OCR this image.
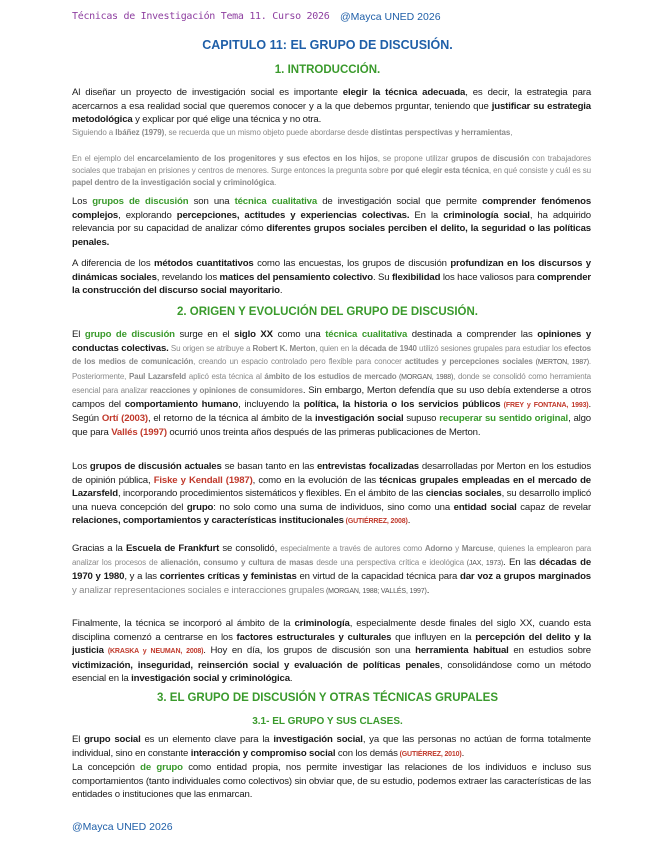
Técnicas de Investigación Tema 11. Curso 2026 @Mayca UNED 2026
CAPITULO 11: EL GRUPO DE DISCUSIÓN.
1. INTRODUCCIÓN.
Al diseñar un proyecto de investigación social es importante elegir la técnica adecuada, es decir, la estrategia para acercarnos a esa realidad social que queremos conocer y a la que debemos prguntar, teniendo que justificar su estrategia metodológica y explicar por qué elige una técnica y no otra.
Siguiendo a Ibáñez (1979), se recuerda que un mismo objeto puede abordarse desde distintas perspectivas y herramientas,
En el ejemplo del encarcelamiento de los progenitores y sus efectos en los hijos, se propone utilizar grupos de discusión con trabajadores sociales que trabajan en prisiones y centros de menores. Surge entonces la pregunta sobre por qué elegir esta técnica, en qué consiste y cuál es su papel dentro de la investigación social y criminológica.
Los grupos de discusión son una técnica cualitativa de investigación social que permite comprender fenómenos complejos, explorando percepciones, actitudes y experiencias colectivas. En la criminología social, ha adquirido relevancia por su capacidad de analizar cómo diferentes grupos sociales perciben el delito, la seguridad o las políticas penales.
A diferencia de los métodos cuantitativos como las encuestas, los grupos de discusión profundizan en los discursos y dinámicas sociales, revelando los matices del pensamiento colectivo. Su flexibilidad los hace valiosos para comprender la construcción del discurso social mayoritario.
2. ORIGEN Y EVOLUCIÓN DEL GRUPO DE DISCUSIÓN.
El grupo de discusión surge en el siglo XX como una técnica cualitativa destinada a comprender las opiniones y conductas colectivas. Su origen se atribuye a Robert K. Merton, quien en la década de 1940 utilizó sesiones grupales para estudiar los efectos de los medios de comunicación, creando un espacio controlado pero flexible para conocer actitudes y percepciones sociales (MERTON, 1987). Posteriormente, Paul Lazarsfeld aplicó esta técnica al ámbito de los estudios de mercado (MORGAN, 1988), donde se consolidó como herramienta esencial para analizar reacciones y opiniones de consumidores. Sin embargo, Merton defendía que su uso debía extenderse a otros campos del comportamiento humano, incluyendo la política, la historia o los servicios públicos (FREY y FONTANA, 1993). Según Ortí (2003), el retorno de la técnica al ámbito de la investigación social supuso recuperar su sentido original, algo que para Vallés (1997) ocurrió unos treinta años después de las primeras publicaciones de Merton.
Los grupos de discusión actuales se basan tanto en las entrevistas focalizadas desarrolladas por Merton en los estudios de opinión pública, Fiske y Kendall (1987), como en la evolución de las técnicas grupales empleadas en el mercado de Lazarsfeld, incorporando procedimientos sistemáticos y flexibles. En el ámbito de las ciencias sociales, su desarrollo implicó una nueva concepción del grupo: no solo como una suma de individuos, sino como una entidad social capaz de revelar relaciones, comportamientos y características institucionales (GUTIÉRREZ, 2008).
Gracias a la Escuela de Frankfurt se consolidó, especialmente a través de autores como Adorno y Marcuse, quienes la emplearon para analizar los procesos de alienación, consumo y cultura de masas desde una perspectiva crítica e ideológica (JAX, 1973). En las décadas de 1970 y 1980, y a las corrientes críticas y feministas en virtud de la capacidad técnica para dar voz a grupos marginados y analizar representaciones sociales e interacciones grupales (MORGAN, 1988; VALLÉS, 1997).
Finalmente, la técnica se incorporó al ámbito de la criminología, especialmente desde finales del siglo XX, cuando esta disciplina comenzó a centrarse en los factores estructurales y culturales que influyen en la percepción del delito y la justicia (KRASKA y NEUMAN, 2008). Hoy en día, los grupos de discusión son una herramienta habitual en estudios sobre victimización, inseguridad, reinserción social y evaluación de políticas penales, consolidándose como un método esencial en la investigación social y criminológica.
3. EL GRUPO DE DISCUSIÓN Y OTRAS TÉCNICAS GRUPALES
3.1- EL GRUPO Y SUS CLASES.
El grupo social es un elemento clave para la investigación social, ya que las personas no actúan de forma totalmente individual, sino en constante interacción y compromiso social con los demás (GUTIÉRREZ, 2010).
La concepción de grupo como entidad propia, nos permite investigar las relaciones de los individuos e incluso sus comportamientos (tanto individuales como colectivos) sin obviar que, de su estudio, podemos extraer las características de las entidades o instituciones que las enmarcan.
@Mayca UNED 2026
